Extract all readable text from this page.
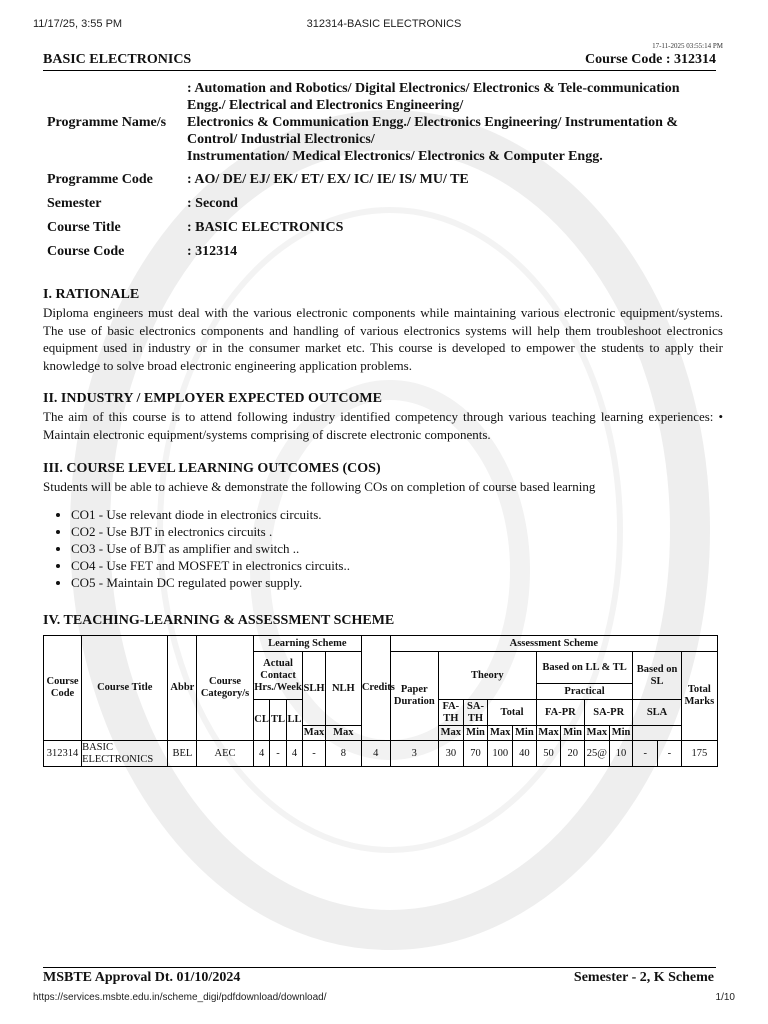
11/17/25, 3:55 PM	312314-BASIC ELECTRONICS
17-11-2025 03:55:14 PM
BASIC ELECTRONICS	Course Code : 312314
Programme Name/s	: Automation and Robotics/ Digital Electronics/ Electronics & Tele-communication
Engg./ Electrical and Electronics Engineering/
Electronics & Communication Engg./ Electronics Engineering/ Instrumentation &
Control/ Industrial Electronics/
Instrumentation/ Medical Electronics/ Electronics & Computer Engg.

Programme Code	: AO/ DE/ EJ/ EK/ ET/ EX/ IC/ IE/ IS/ MU/ TE
Semester	: Second
Course Title	: BASIC ELECTRONICS
Course Code	: 312314
I. RATIONALE

Diploma engineers must deal with the various electronic components while maintaining various electronic equipment/systems. The use of basic electronics components and handling of various electronics systems will help them troubleshoot electronics equipment used in industry or in the consumer market etc. This course is developed to empower the students to apply their knowledge to solve broad electronic engineering application problems.

II. INDUSTRY / EMPLOYER EXPECTED OUTCOME

The aim of this course is to attend following industry identified competency through various teaching learning experiences: • Maintain electronic equipment/systems comprising of discrete electronic components.

III. COURSE LEVEL LEARNING OUTCOMES (COS)

Students will be able to achieve & demonstrate the following COs on completion of course based learning

• CO1 - Use relevant diode in electronics circuits.
• CO2 - Use BJT in electronics circuits .
• CO3 - Use of BJT as amplifier and switch ..
• CO4 - Use FET and MOSFET in electronics circuits..
• CO5 - Maintain DC regulated power supply.
IV. TEACHING-LEARNING & ASSESSMENT SCHEME
Course Code	Course Title	Abbr	Course Category/s	Learning Scheme					Credits	Assessment Scheme											
				Actual Contact Hrs./Week			SLH	NLH		Paper Duration	Theory				Based on LL & TL				Based on SL		Total Marks
															Practical						
				CL	TL	LL					FA-TH	SA-TH	Total		FA-PR		SA-PR		SLA		
							Max	Max			Max	Min	Max	Min	Max	Min	Max	Min			
312314	BASIC ELECTRONICS	BEL	AEC	4	-	4	-	8	4	3	30	70	100	40	50	20	25@	10	-	-	175
MSBTE Approval Dt. 01/10/2024	Semester - 2, K Scheme
https://services.msbte.edu.in/scheme_digi/pdfdownload/download/	1/10
